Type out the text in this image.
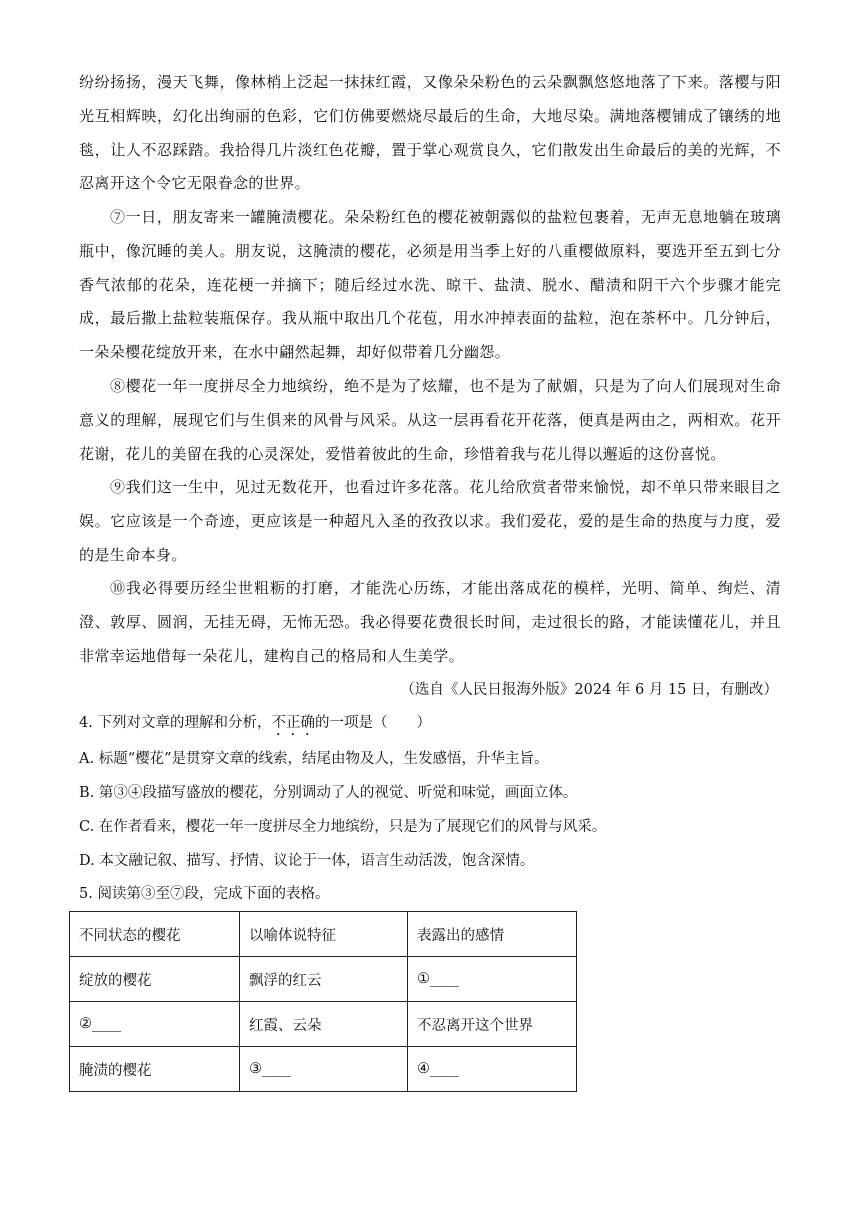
纷纷扬扬，漫天飞舞，像林梢上泛起一抹抹红霞，又像朵朵粉色的云朵飘飘悠悠地落了下来。落樱与阳光互相辉映，幻化出绚丽的色彩，它们仿佛要燃烧尽最后的生命，大地尽染。满地落樱铺成了镶绣的地毯，让人不忍踩踏。我拾得几片淡红色花瓣，置于掌心观赏良久，它们散发出生命最后的美的光辉，不忍离开这个令它无限眷念的世界。

⑦一日，朋友寄来一罐腌渍樱花。朵朵粉红色的樱花被朝露似的盐粒包裹着，无声无息地躺在玻璃瓶中，像沉睡的美人。朋友说，这腌渍的樱花，必须是用当季上好的八重樱做原料，要选开至五到七分香气浓郁的花朵，连花梗一并摘下；随后经过水洗、晾干、盐渍、脱水、醋渍和阴干六个步骤才能完成，最后撒上盐粒装瓶保存。我从瓶中取出几个花苞，用水冲掉表面的盐粒，泡在茶杯中。几分钟后，一朵朵樱花绽放开来，在水中翩然起舞，却好似带着几分幽怨。

⑧樱花一年一度拼尽全力地缤纷，绝不是为了炫耀，也不是为了献媚，只是为了向人们展现对生命意义的理解，展现它们与生俱来的风骨与风采。从这一层再看花开花落，便真是两由之，两相欢。花开花谢，花儿的美留在我的心灵深处，爱惜着彼此的生命，珍惜着我与花儿得以邂逅的这份喜悦。

⑨我们这一生中，见过无数花开，也看过许多花落。花儿给欣赏者带来愉悦，却不单只带来眼目之娱。它应该是一个奇迹，更应该是一种超凡入圣的孜孜以求。我们爱花，爱的是生命的热度与力度，爱的是生命本身。

⑩我必得要历经尘世粗粝的打磨，才能洗心历练，才能出落成花的模样，光明、简单、绚烂、清澄、敦厚、圆润，无挂无碍，无怖无恐。我必得要花费很长时间，走过很长的路，才能读懂花儿，并且非常幸运地借每一朵花儿，建构自己的格局和人生美学。

（选自《人民日报海外版》2024 年 6 月 15 日，有删改）

4. 下列对文章的理解和分析，不正确的一项是（　　）

A. 标题“樱花”是贯穿文章的线索，结尾由物及人，生发感悟，升华主旨。

B. 第③④段描写盛放的樱花，分别调动了人的视觉、听觉和味觉，画面立体。

C. 在作者看来，樱花一年一度拼尽全力地缤纷，只是为了展现它们的风骨与风采。

D. 本文融记叙、描写、抒情、议论于一体，语言生动活泼，饱含深情。

5. 阅读第③至⑦段，完成下面的表格。

不同状态的樱花	以喻体说特征	表露出的感情
绽放的樱花	飘浮的红云	①____
②____	红霞、云朵	不忍离开这个世界
腌渍的樱花	③____	④____
